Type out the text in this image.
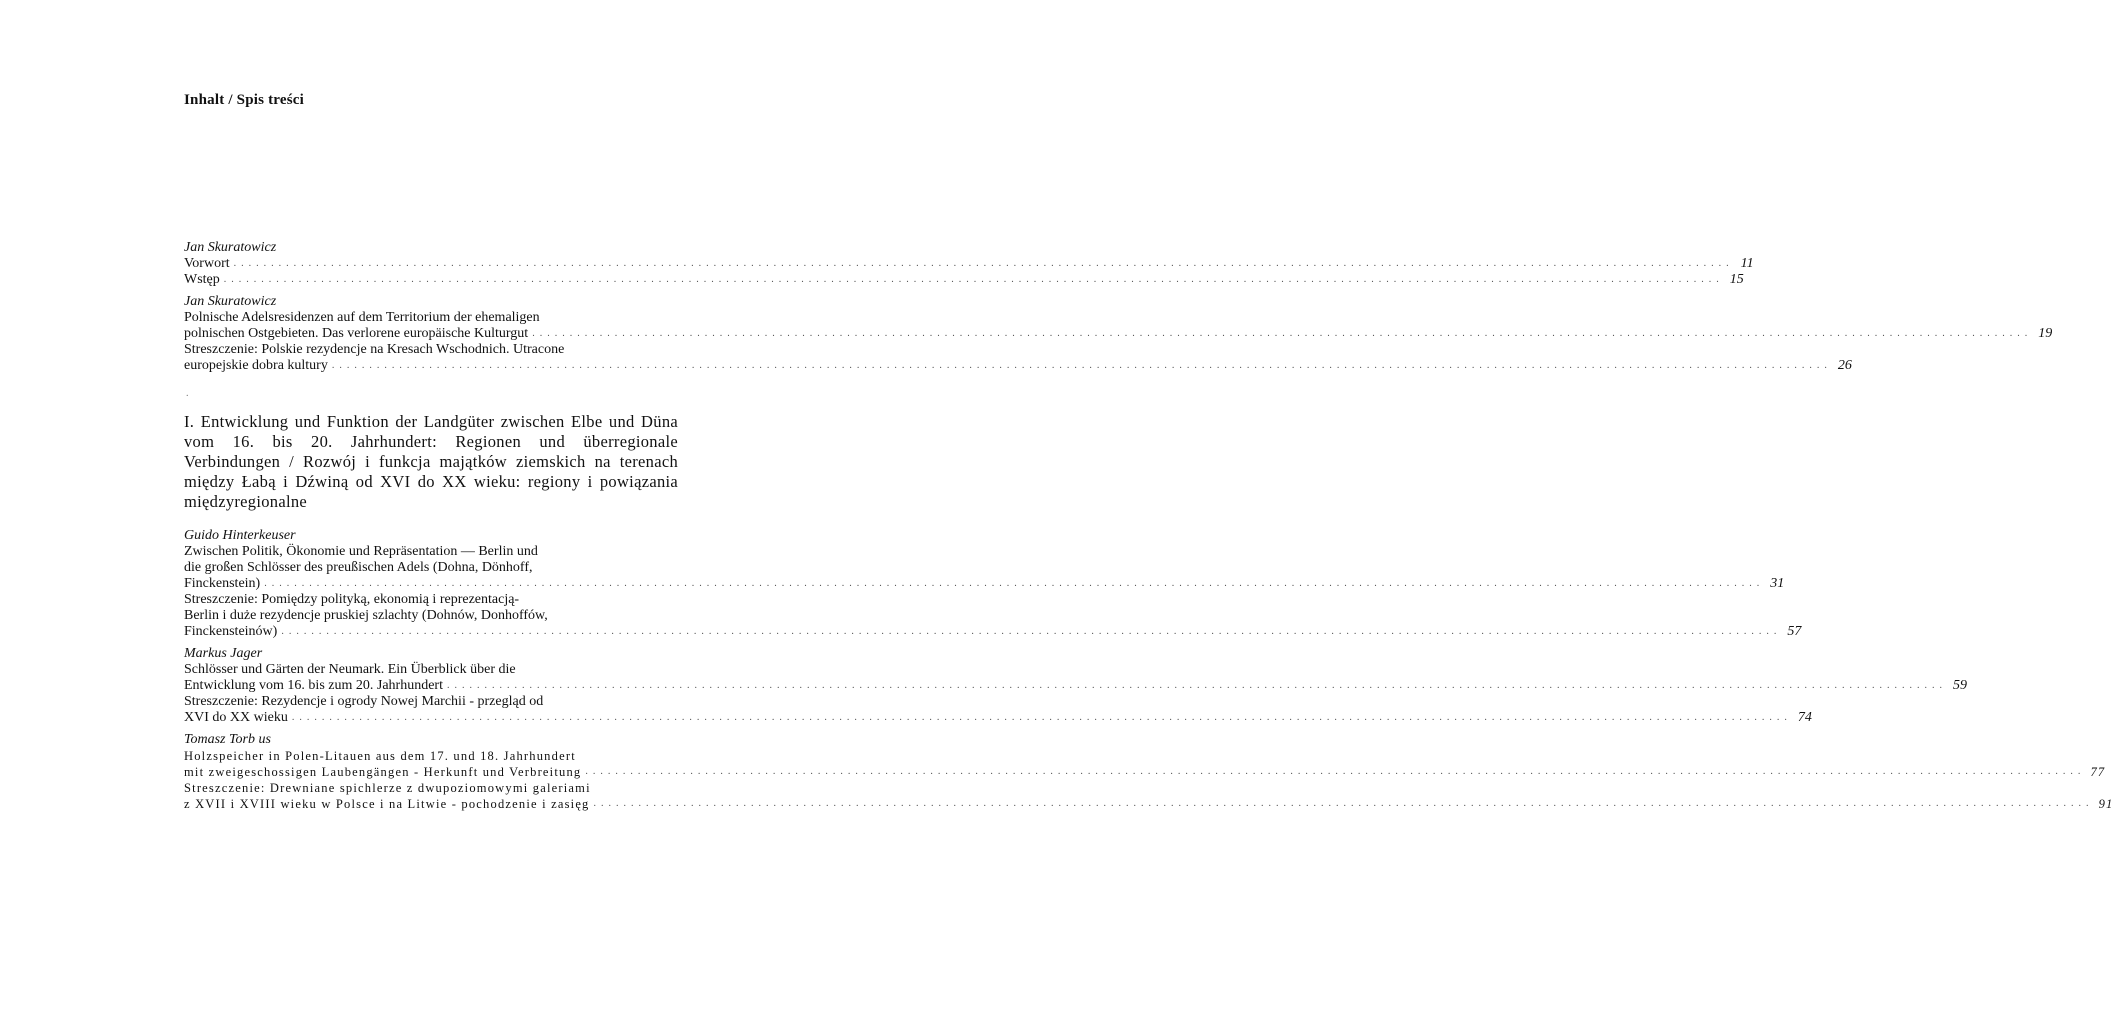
Inhalt / Spis treści
Jan Skuratowicz
Vorwort ........................................................................................................................................................................................................ 11
Wstęp ........................................................................................................................................................................................................ 15
Jan Skuratowicz
Polnische Adelsresidenzen auf dem Territorium der ehemaligen
polnischen Ostgebieten. Das verlorene europäische Kulturgut ........................................................................................................................................................................................................ 19
Streszczenie: Polskie rezydencje na Kresach Wschodnich. Utracone
europejskie dobra kultury ........................................................................................................................................................................................................ 26
.
I. Entwicklung und Funktion der Landgüter zwischen Elbe und Düna vom 16. bis 20. Jahrhundert: Regionen und überregionale Verbindungen / Rozwój i funkcja majątków ziemskich na terenach między Łabą i Dźwiną od XVI do XX wieku: regiony i powiązania międzyregionalne
Guido Hinterkeuser
Zwischen Politik, Ökonomie und Repräsentation — Berlin und
die großen Schlösser des preußischen Adels (Dohna, Dönhoff,
Finckenstein) ........................................................................................................................................................................................................ 31
Streszczenie: Pomiędzy polityką, ekonomią i reprezentacją-
Berlin i duże rezydencje pruskiej szlachty (Dohnów, Donhoffów,
Finckensteinów) ........................................................................................................................................................................................................ 57
Markus Jager
Schlösser und Gärten der Neumark. Ein Überblick über die
Entwicklung vom 16. bis zum 20. Jahrhundert ........................................................................................................................................................................................................ 59
Streszczenie: Rezydencje i ogrody Nowej Marchii - przegląd od
XVI do XX wieku ........................................................................................................................................................................................................ 74
Tomasz Torb us
Holzspeicher in Polen-Litauen aus dem 17. und 18. Jahrhundert
mit zweigeschossigen Laubengängen - Herkunft und Verbreitung ........................................................................................................................................................................................................ 77
Streszczenie: Drewniane spichlerze z dwupoziomowymi galeriami
z XVII i XVIII wieku w Polsce i na Litwie - pochodzenie i zasięg ........................................................................................................................................................................................................ 91
